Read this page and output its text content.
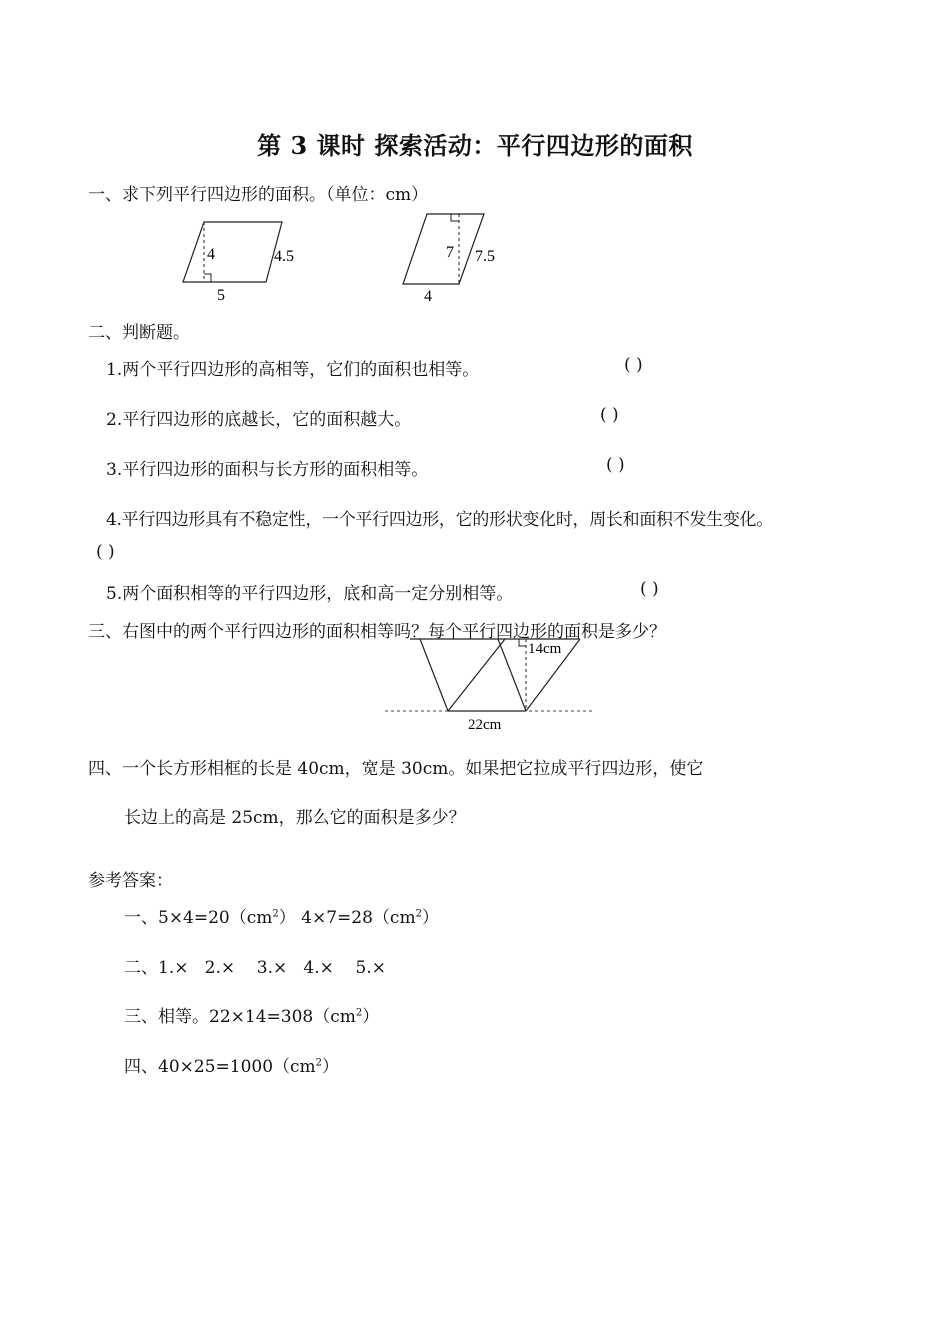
第 3 课时 探索活动：平行四边形的面积
一、求下列平行四边形的面积。（单位：cm）
4	4.5
5
7 7.5
4
二、判断题。
1.两个平行四边形的高相等，它们的面积也相等。	( )
2.平行四边形的底越长，它的面积越大。	( )
3.平行四边形的面积与长方形的面积相等。	( )
4.平行四边形具有不稳定性，一个平行四边形，它的形状变化时，周长和面积不发生变化。
( )
5.两个面积相等的平行四边形，底和高一定分别相等。	( )
三、右图中的两个平行四边形的面积相等吗？每个平行四边形的面积是多少？
14cm
22cm
四、一个长方形相框的长是 40cm，宽是 30cm。如果把它拉成平行四边形，使它
长边上的高是 25cm，那么它的面积是多少？
参考答案：
一、$5\times 4=20(cm^2)$ $4\times 7=28(cm^2)$
二、1.×   2.×    3.×   4.×    5.×
三、相等。$22\times 14=308(cm^2)$
四、$40\times 25=1000(cm^2)$
